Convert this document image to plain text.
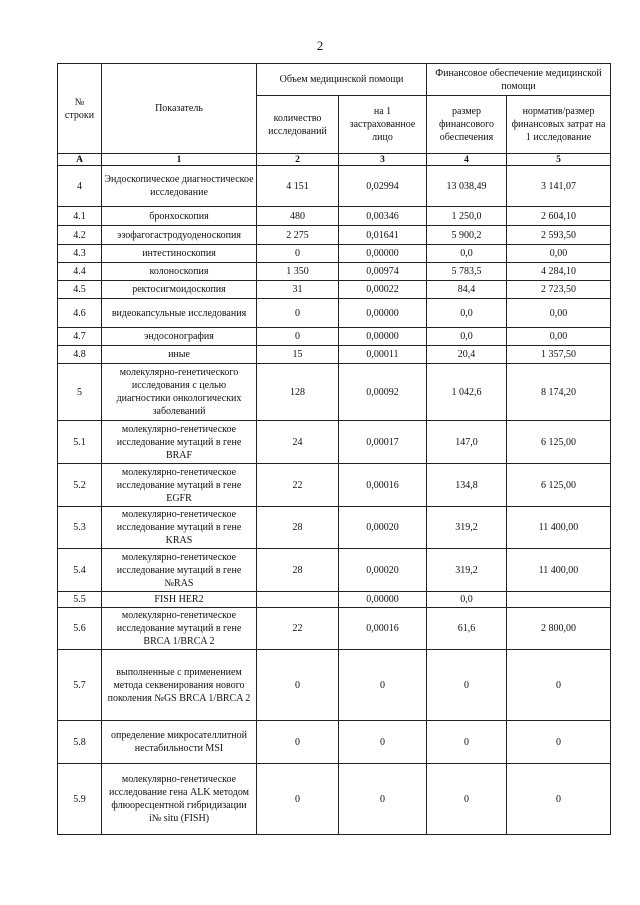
2
№ строки	Показатель	Объем медицинской помощи		Финансовое обеспечение медицинской помощи	
		количество исследований	на 1 застрахованное лицо	размер финансового обеспечения	норматив/размер финансовых затрат на 1 исследование
А	1	2	3	4	5
4	Эндоскопическое диагностическое исследование	4 151	0,02994	13 038,49	3 141,07
4.1	бронхоскопия	480	0,00346	1 250,0	2 604,10
4.2	эзофагогастродуоденоскопия	2 275	0,01641	5 900,2	2 593,50
4.3	интестиноскопия	0	0,00000	0,0	0,00
4.4	колоноскопия	1 350	0,00974	5 783,5	4 284,10
4.5	ректосигмоидоскопия	31	0,00022	84,4	2 723,50
4.6	видеокапсульные исследования	0	0,00000	0,0	0,00
4.7	эндосонография	0	0,00000	0,0	0,00
4.8	иные	15	0,00011	20,4	1 357,50
5	молекулярно-генетического исследования с целью диагностики онкологических заболеваний	128	0,00092	1 042,6	8 174,20
5.1	молекулярно-генетическое исследование мутаций в гене BRAF	24	0,00017	147,0	6 125,00
5.2	молекулярно-генетическое исследование мутаций в гене EGFR	22	0,00016	134,8	6 125,00
5.3	молекулярно-генетическое исследование мутаций в гене KRAS	28	0,00020	319,2	11 400,00
5.4	молекулярно-генетическое исследование мутаций в гене №RAS	28	0,00020	319,2	11 400,00
5.5	FISH HER2		0,00000	0,0	
5.6	молекулярно-генетическое исследование мутаций в гене BRCA 1/BRCA 2	22	0,00016	61,6	2 800,00
5.7	выполненные с применением метода секвенирования нового поколения №GS BRCA 1/BRCA 2	0	0	0	0
5.8	определение микросателлитной нестабильности MSI	0	0	0	0
5.9	молекулярно-генетическое исследование гена ALK методом флюоресцентной гибридизации i№ situ (FISH)	0	0	0	0
